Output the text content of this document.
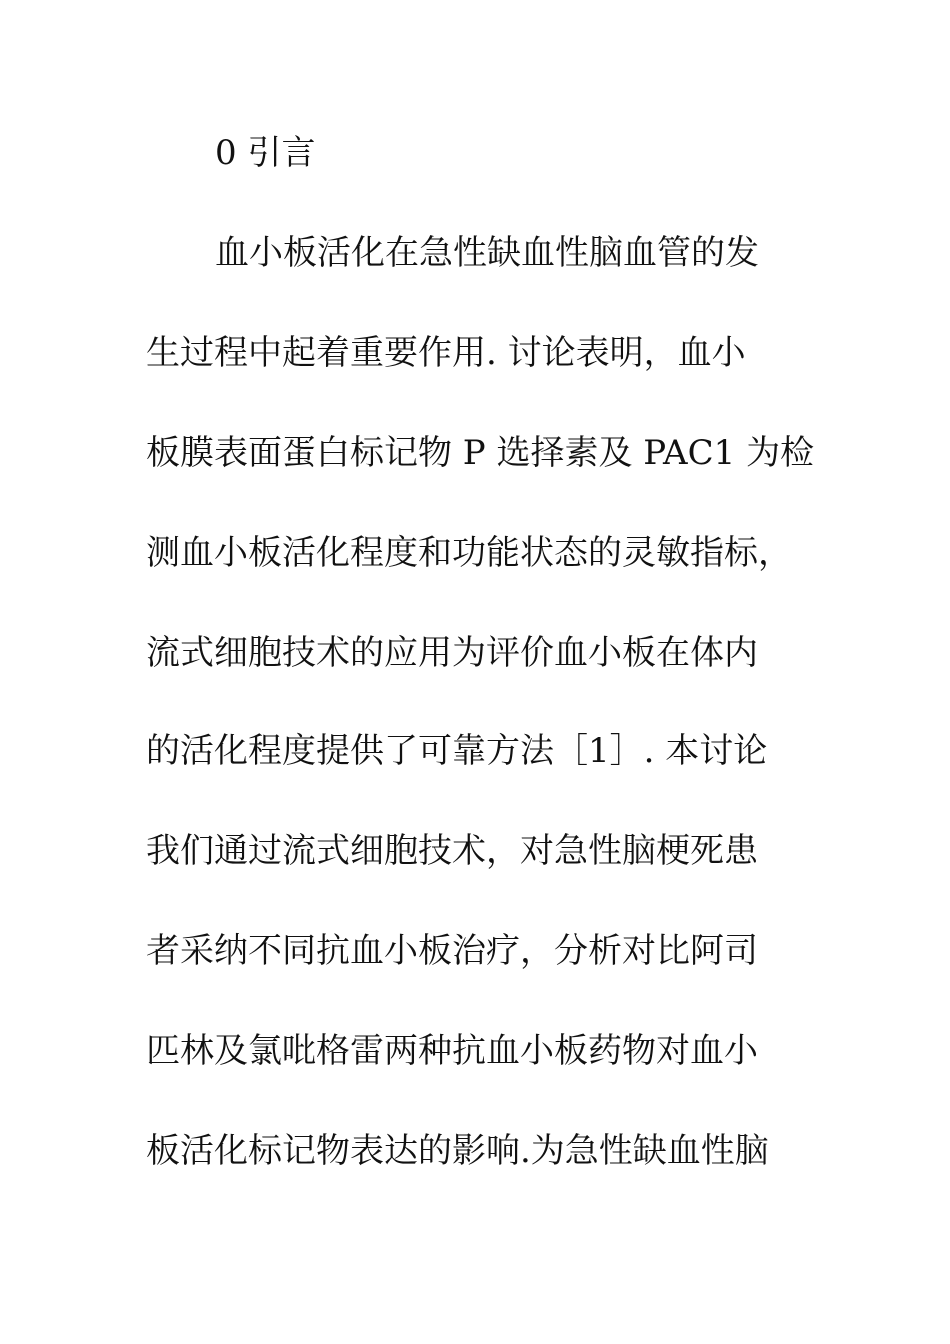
0 引言
血小板活化在急性缺血性脑血管的发
生过程中起着重要作用. 讨论表明，血小
板膜表面蛋白标记物 P 选择素及 PAC1 为检
测血小板活化程度和功能状态的灵敏指标，
流式细胞技术的应用为评价血小板在体内
的活化程度提供了可靠方法［1］. 本讨论
我们通过流式细胞技术，对急性脑梗死患
者采纳不同抗血小板治疗，分析对比阿司
匹林及氯吡格雷两种抗血小板药物对血小
板活化标记物表达的影响.为急性缺血性脑
